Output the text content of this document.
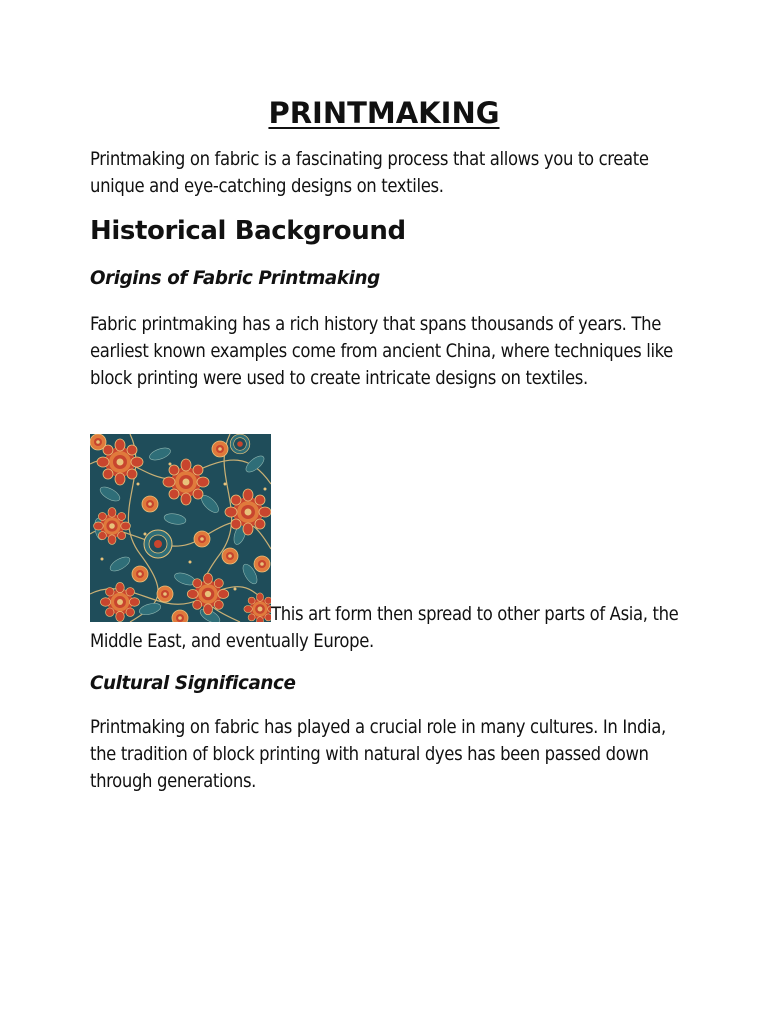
PRINTMAKING

Printmaking on fabric is a fascinating process that allows you to create unique and eye-catching designs on textiles.

Historical Background
Origins of Fabric Printmaking

Fabric printmaking has a rich history that spans thousands of years. The earliest known examples come from ancient China, where techniques like block printing were used to create intricate designs on textiles.

This art form then spread to other parts of Asia, the Middle East, and eventually Europe.

Cultural Significance

Printmaking on fabric has played a crucial role in many cultures. In India, the tradition of block printing with natural dyes has been passed down through generations.
